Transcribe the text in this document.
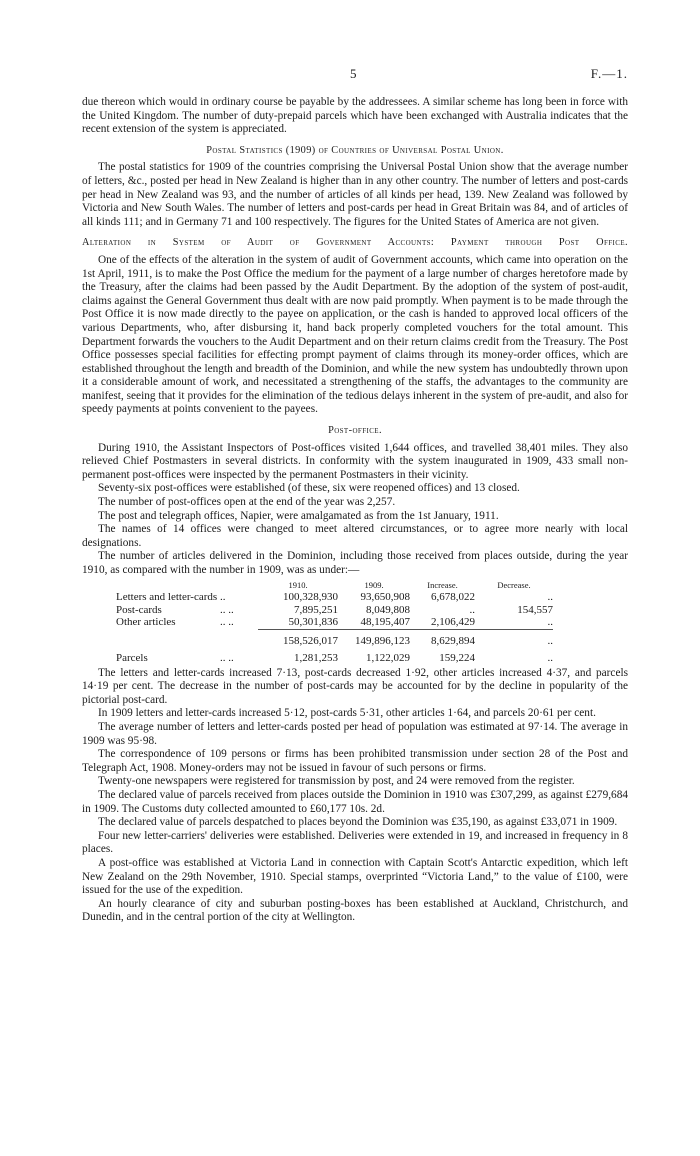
5	F.—1.

due thereon which would in ordinary course be payable by the addressees. A similar scheme has long been in force with the United Kingdom. The number of duty-prepaid parcels which have been exchanged with Australia indicates that the recent extension of the system is appreciated.

Postal Statistics (1909) of Countries of Universal Postal Union.

The postal statistics for 1909 of the countries comprising the Universal Postal Union show that the average number of letters, &c., posted per head in New Zealand is higher than in any other country. The number of letters and post-cards per head in New Zealand was 93, and the number of articles of all kinds per head, 139. New Zealand was followed by Victoria and New South Wales. The number of letters and post-cards per head in Great Britain was 84, and of articles of all kinds 111; and in Germany 71 and 100 respectively. The figures for the United States of America are not given.

Alteration in System of Audit of Government Accounts: Payment through Post Office.

One of the effects of the alteration in the system of audit of Government accounts, which came into operation on the 1st April, 1911, is to make the Post Office the medium for the payment of a large number of charges heretofore made by the Treasury, after the claims had been passed by the Audit Department. By the adoption of the system of post-audit, claims against the General Government thus dealt with are now paid promptly. When payment is to be made through the Post Office it is now made directly to the payee on application, or the cash is handed to approved local officers of the various Departments, who, after disbursing it, hand back properly completed vouchers for the total amount. This Department forwards the vouchers to the Audit Department and on their return claims credit from the Treasury. The Post Office possesses special facilities for effecting prompt payment of claims through its money-order offices, which are established throughout the length and breadth of the Dominion, and while the new system has undoubtedly thrown upon it a considerable amount of work, and necessitated a strengthening of the staffs, the advantages to the community are manifest, seeing that it provides for the elimination of the tedious delays inherent in the system of pre-audit, and also for speedy payments at points convenient to the payees.

Post-office.

During 1910, the Assistant Inspectors of Post-offices visited 1,644 offices, and travelled 38,401 miles. They also relieved Chief Postmasters in several districts. In conformity with the system inaugurated in 1909, 433 small non-permanent post-offices were inspected by the permanent Postmasters in their vicinity.

Seventy-six post-offices were established (of these, six were reopened offices) and 13 closed.

The number of post-offices open at the end of the year was 2,257.

The post and telegraph offices, Napier, were amalgamated as from the 1st January, 1911.

The names of 14 offices were changed to meet altered circumstances, or to agree more nearly with local designations.

The number of articles delivered in the Dominion, including those received from places outside, during the year 1910, as compared with the number in 1909, was as under:—

		1910.	1909.	Increase.	Decrease.
Letters and letter-cards	..	100,328,930	93,650,908	6,678,022	..
Post-cards	.. ..	7,895,251	8,049,808	..	154,557
Other articles	.. ..	50,301,836	48,195,407	2,106,429	..
		158,526,017	149,896,123	8,629,894	..
Parcels	.. ..	1,281,253	1,122,029	159,224	..

The letters and letter-cards increased 7·13, post-cards decreased 1·92, other articles increased 4·37, and parcels 14·19 per cent. The decrease in the number of post-cards may be accounted for by the decline in popularity of the pictorial post-card.

In 1909 letters and letter-cards increased 5·12, post-cards 5·31, other articles 1·64, and parcels 20·61 per cent.

The average number of letters and letter-cards posted per head of population was estimated at 97·14. The average in 1909 was 95·98.

The correspondence of 109 persons or firms has been prohibited transmission under section 28 of the Post and Telegraph Act, 1908. Money-orders may not be issued in favour of such persons or firms.

Twenty-one newspapers were registered for transmission by post, and 24 were removed from the register.

The declared value of parcels received from places outside the Dominion in 1910 was £307,299, as against £279,684 in 1909. The Customs duty collected amounted to £60,177 10s. 2d.

The declared value of parcels despatched to places beyond the Dominion was £35,190, as against £33,071 in 1909.

Four new letter-carriers' deliveries were established. Deliveries were extended in 19, and increased in frequency in 8 places.

A post-office was established at Victoria Land in connection with Captain Scott's Antarctic expedition, which left New Zealand on the 29th November, 1910. Special stamps, overprinted “Victoria Land,” to the value of £100, were issued for the use of the expedition.

An hourly clearance of city and suburban posting-boxes has been established at Auckland, Christchurch, and Dunedin, and in the central portion of the city at Wellington.
